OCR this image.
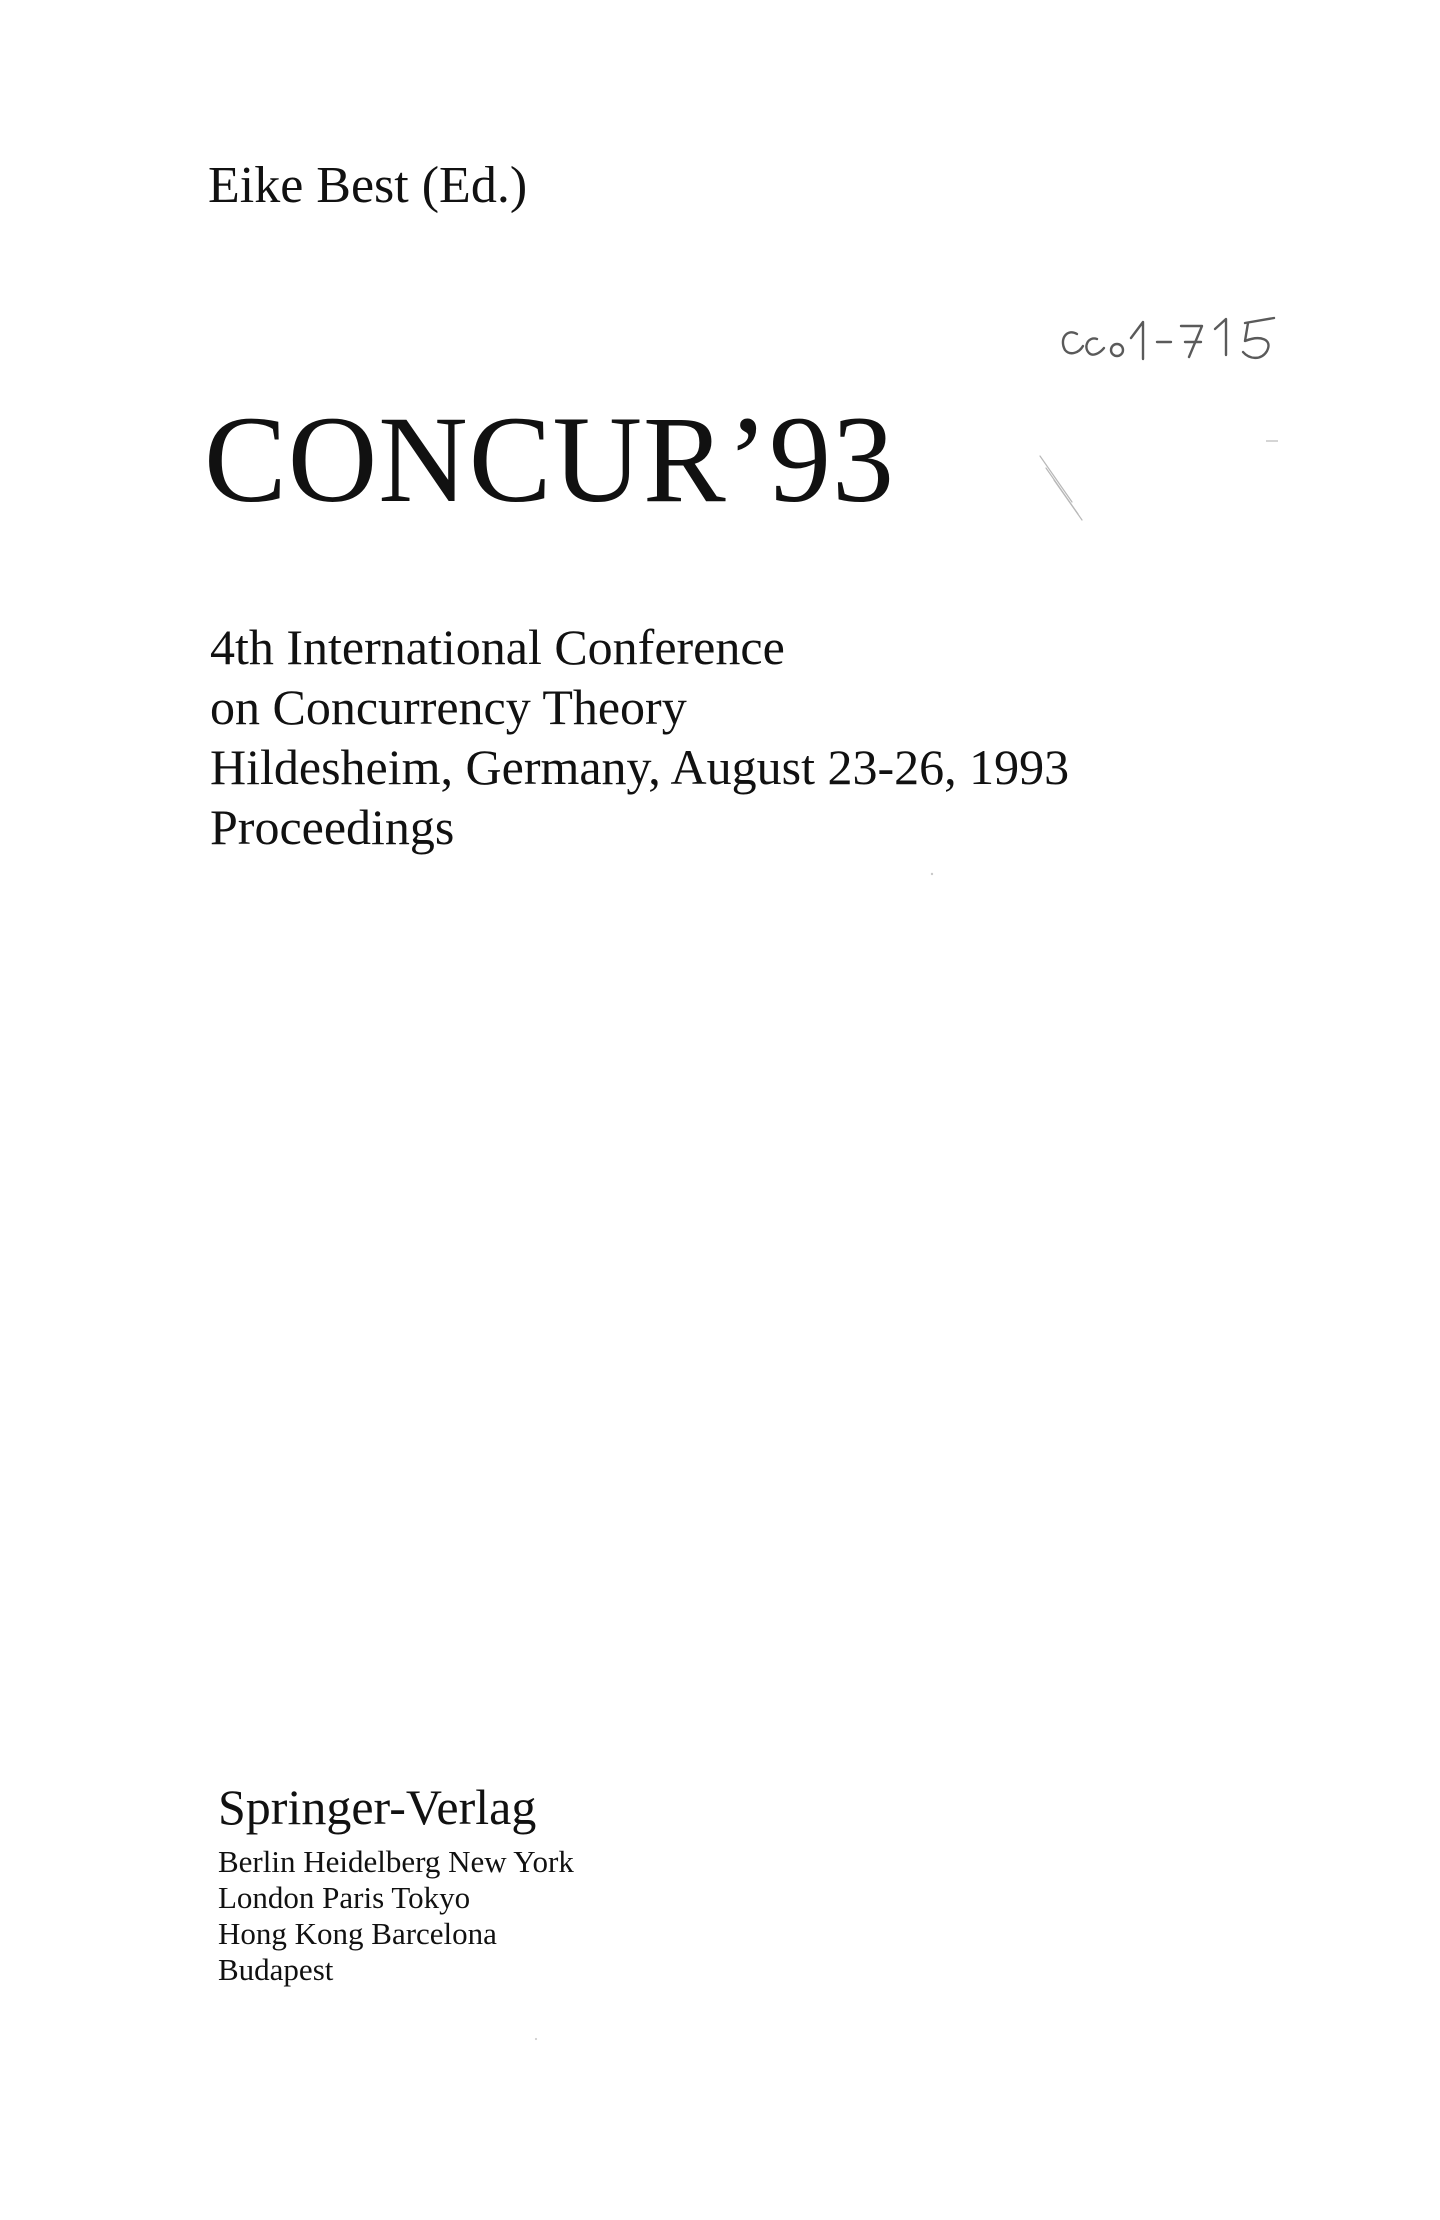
Eike Best (Ed.)
CONCUR’93
4th International Conference
on Concurrency Theory
Hildesheim, Germany, August 23-26, 1993
Proceedings
Springer-Verlag
Berlin Heidelberg New York
London Paris Tokyo
Hong Kong Barcelona
Budapest
